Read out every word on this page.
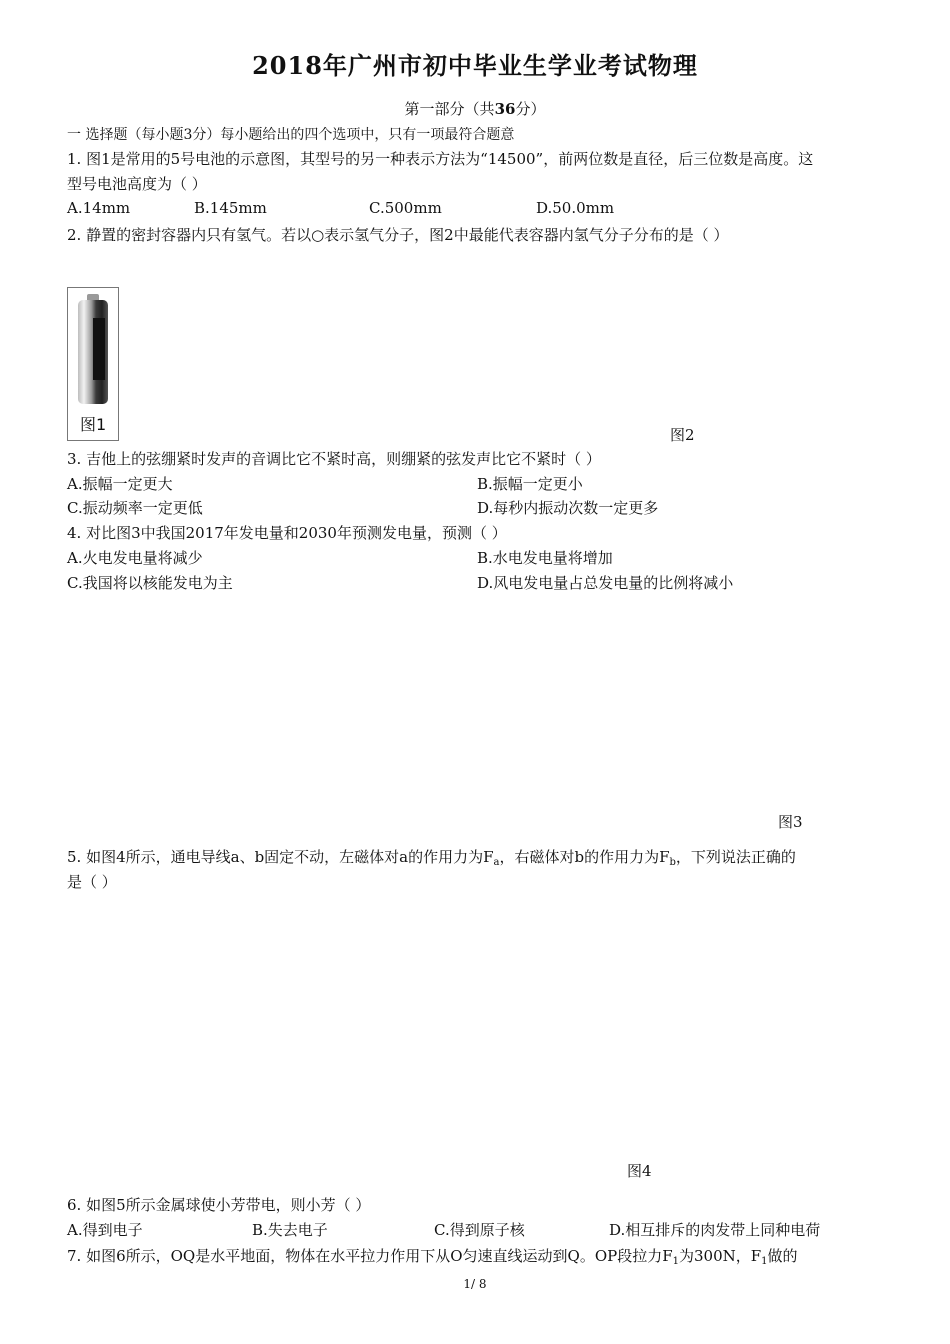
2018年广州市初中毕业生学业考试物理
第一部分（共36分）
一 选择题（每小题3分）每小题给出的四个选项中，只有一项最符合题意
1. 图1是常用的5号电池的示意图，其型号的另一种表示方法为“14500”，前两位数是直径，后三位数是高度。这
型号电池高度为（ ）
A.14mm	B.145mm	C.500mm	D.50.0mm
2. 静置的密封容器内只有氢气。若以○表示氢气分子，图2中最能代表容器内氢气分子分布的是（ ）
图1
图2
3. 吉他上的弦绷紧时发声的音调比它不紧时高，则绷紧的弦发声比它不紧时（ ）
A.振幅一定更大	B.振幅一定更小
C.振动频率一定更低	D.每秒内振动次数一定更多
4. 对比图3中我国2017年发电量和2030年预测发电量，预测（ ）
A.火电发电量将减少	B.水电发电量将增加
C.我国将以核能发电为主	D.风电发电量占总发电量的比例将减小
图3
5. 如图4所示，通电导线a、b固定不动，左磁体对a的作用力为$F_a$，右磁体对b的作用力为$F_b$，下列说法正确的
是（ ）
图4
6. 如图5所示金属球使小芳带电，则小芳（ ）
A.得到电子	B.失去电子	C.得到原子核	D.相互排斥的肉发带上同种电荷
7. 如图6所示，OQ是水平地面，物体在水平拉力作用下从O匀速直线运动到Q。OP段拉力$F_1$为300N，$F_1$做的
1/ 8
